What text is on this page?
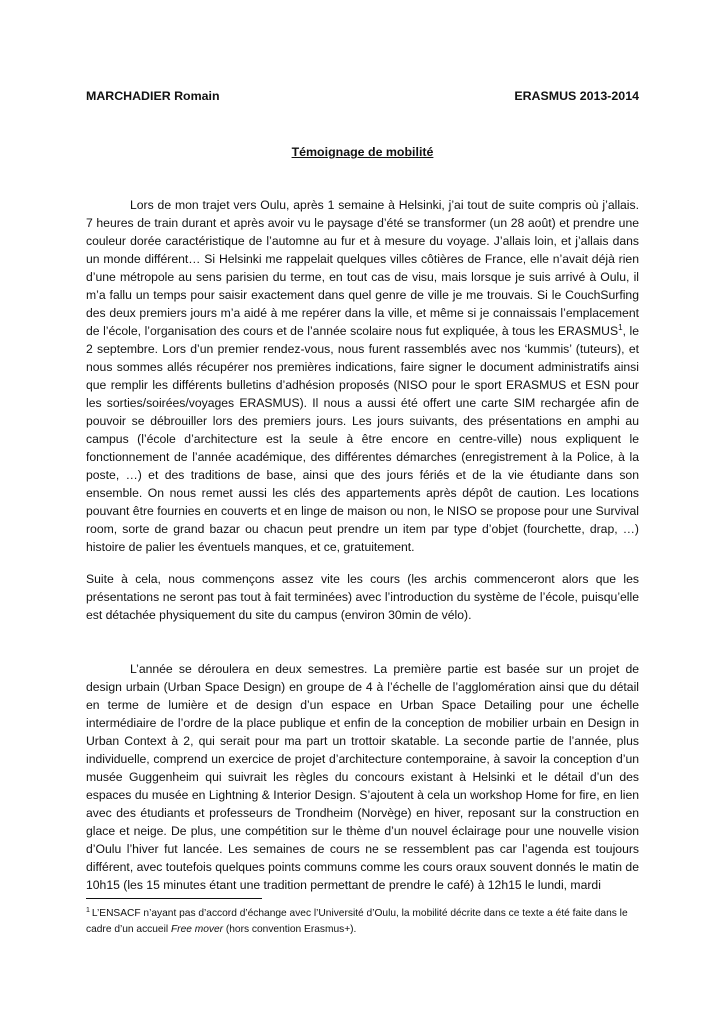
MARCHADIER Romain	ERASMUS 2013-2014
Témoignage de mobilité

Lors de mon trajet vers Oulu, après 1 semaine à Helsinki, j’ai tout de suite compris où j’allais. 7 heures de train durant et après avoir vu le paysage d’été se transformer (un 28 août) et prendre une couleur dorée caractéristique de l’automne au fur et à mesure du voyage. J’allais loin, et j’allais dans un monde différent… Si Helsinki me rappelait quelques villes côtières de France, elle n’avait déjà rien d’une métropole au sens parisien du terme, en tout cas de visu, mais lorsque je suis arrivé à Oulu, il m’a fallu un temps pour saisir exactement dans quel genre de ville je me trouvais. Si le CouchSurfing des deux premiers jours m’a aidé à me repérer dans la ville, et même si je connaissais l’emplacement de l’école, l’organisation des cours et de l’année scolaire nous fut expliquée, à tous les ERASMUS$^1$, le 2 septembre. Lors d’un premier rendez-vous, nous furent rassemblés avec nos ‘kummis’ (tuteurs), et nous sommes allés récupérer nos premières indications, faire signer le document administratifs ainsi que remplir les différents bulletins d’adhésion proposés (NISO pour le sport ERASMUS et ESN pour les sorties/soirées/voyages ERASMUS). Il nous a aussi été offert une carte SIM rechargée afin de pouvoir se débrouiller lors des premiers jours. Les jours suivants, des présentations en amphi au campus (l’école d’architecture est la seule à être encore en centre-ville) nous expliquent le fonctionnement de l’année académique, des différentes démarches (enregistrement à la Police, à la poste, …) et des traditions de base, ainsi que des jours fériés et de la vie étudiante dans son ensemble. On nous remet aussi les clés des appartements après dépôt de caution. Les locations pouvant être fournies en couverts et en linge de maison ou non, le NISO se propose pour une Survival room, sorte de grand bazar ou chacun peut prendre un item par type d’objet (fourchette, drap, …) histoire de palier les éventuels manques, et ce, gratuitement.

Suite à cela, nous commençons assez vite les cours (les archis commenceront alors que les présentations ne seront pas tout à fait terminées) avec l’introduction du système de l’école, puisqu’elle est détachée physiquement du site du campus (environ 30min de vélo).

L’année se déroulera en deux semestres. La première partie est basée sur un projet de design urbain (Urban Space Design) en groupe de 4 à l’échelle de l’agglomération ainsi que du détail en terme de lumière et de design d’un espace en Urban Space Detailing pour une échelle intermédiaire de l’ordre de la place publique et enfin de la conception de mobilier urbain en Design in Urban Context à 2, qui serait pour ma part un trottoir skatable. La seconde partie de l’année, plus individuelle, comprend un exercice de projet d’architecture contemporaine, à savoir la conception d’un musée Guggenheim qui suivrait les règles du concours existant à Helsinki et le détail d’un des espaces du musée en Lightning & Interior Design. S’ajoutent à cela un workshop Home for fire, en lien avec des étudiants et professeurs de Trondheim (Norvège) en hiver, reposant sur la construction en glace et neige. De plus, une compétition sur le thème d’un nouvel éclairage pour une nouvelle vision d’Oulu l’hiver fut lancée. Les semaines de cours ne se ressemblent pas car l’agenda est toujours différent, avec toutefois quelques points communs comme les cours oraux souvent donnés le matin de 10h15 (les 15 minutes étant une tradition permettant de prendre le café) à 12h15 le lundi, mardi

$^1$ L’ENSACF n’ayant pas d’accord d’échange avec l’Université d’Oulu, la mobilité décrite dans ce texte a été faite dans le cadre d’un accueil Free mover (hors convention Erasmus+).
